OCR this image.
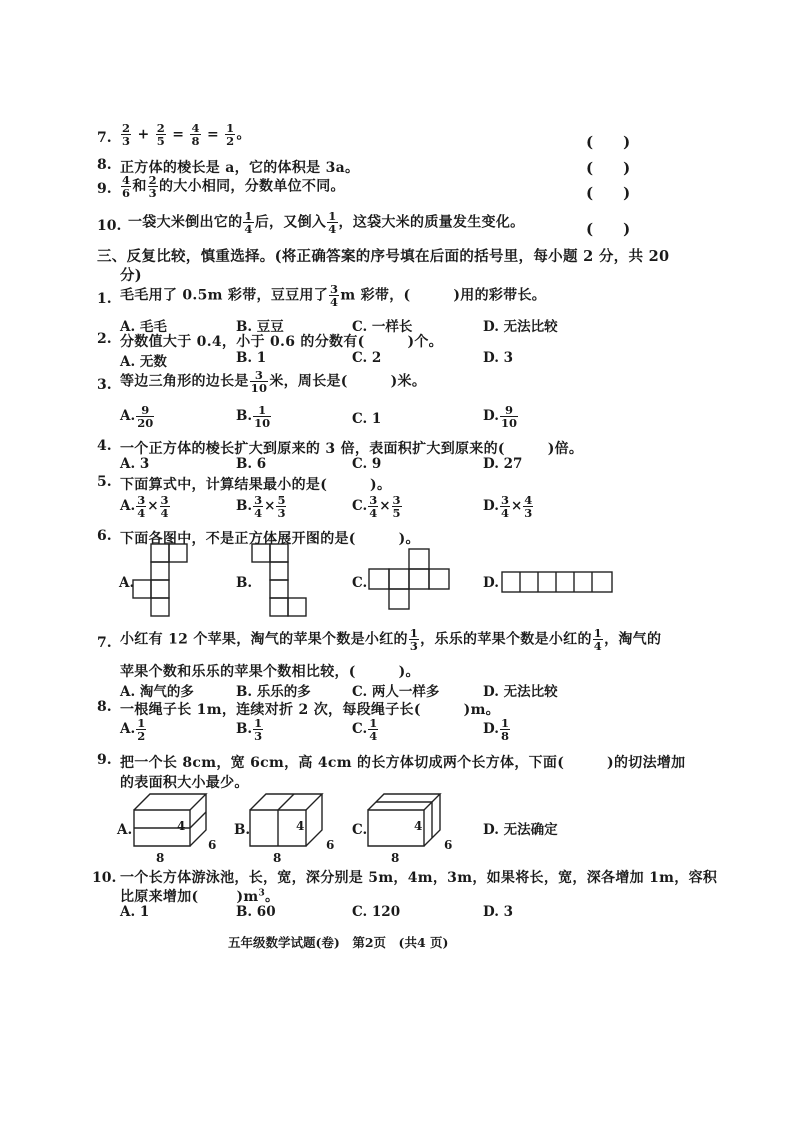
7. $\frac{2}{3} + \frac{2}{5} = \frac{4}{8} = \frac{1}{2}$ 。	(　　)
8. 正方体的棱长是 a，它的体积是 3a。	(　　)
9. $\frac{4}{6}$ 和 $\frac{2}{3}$ 的大小相同，分数单位不同。	(　　)
10. 一袋大米倒出它的 $\frac{1}{4}$ 后，又倒入 $\frac{1}{4}$ ，这袋大米的质量发生变化。	(　　)
三、反复比较，慎重选择。(将正确答案的序号填在后面的括号里，每小题 2 分，共 20
分)
1. 毛毛用了 0.5m 彩带，豆豆用了 $\frac{3}{4}$ m 彩带，(　　　)用的彩带长。
A. 毛毛	B. 豆豆	C. 一样长	D. 无法比较
2. 分数值大于 0.4，小于 0.6 的分数有(　　　)个。
A. 无数	B. 1	C. 2	D. 3
3. 等边三角形的边长是 $\frac{3}{10}$ 米，周长是(　　　)米。
A. $\frac{9}{20}$	B. $\frac{1}{10}$	C. 1	D. $\frac{9}{10}$
4. 一个正方体的棱长扩大到原来的 3 倍，表面积扩大到原来的(　　　)倍。
A. 3	B. 6	C. 9	D. 27
5. 下面算式中，计算结果最小的是(　　　)。
A. $\frac{3}{4} \times \frac{3}{4}$	B. $\frac{3}{4} \times \frac{5}{3}$	C. $\frac{3}{4} \times \frac{3}{5}$	D. $\frac{3}{4} \times \frac{4}{3}$
6. 下面各图中，不是正方体展开图的是(　　　)。
A.	B.	C.	D.
7. 小红有 12 个苹果，淘气的苹果个数是小红的 $\frac{1}{3}$ ，乐乐的苹果个数是小红的 $\frac{1}{4}$ ，淘气的
苹果个数和乐乐的苹果个数相比较，(　　　)。
A. 淘气的多	B. 乐乐的多	C. 两人一样多	D. 无法比较
8. 一根绳子长 1m，连续对折 2 次，每段绳子长(　　　)m。
A. $\frac{1}{2}$	B. $\frac{1}{3}$	C. $\frac{1}{4}$	D. $\frac{1}{8}$
9. 把一个长 8cm，宽 6cm，高 4cm 的长方体切成两个长方体，下面(　　　)的切法增加
的表面积大小最少。
A.	4
6
8
B.	4
6
8
C.	4
6
8
D. 无法确定
10. 一个长方体游泳池，长，宽，深分别是 5m，4m，3m，如果将长，宽，深各增加 1m，容积
比原来增加(	)$m^3$。
A. 1	B. 60	C. 120	D. 3
五年级数学试题(卷)　第2页　(共4 页)
